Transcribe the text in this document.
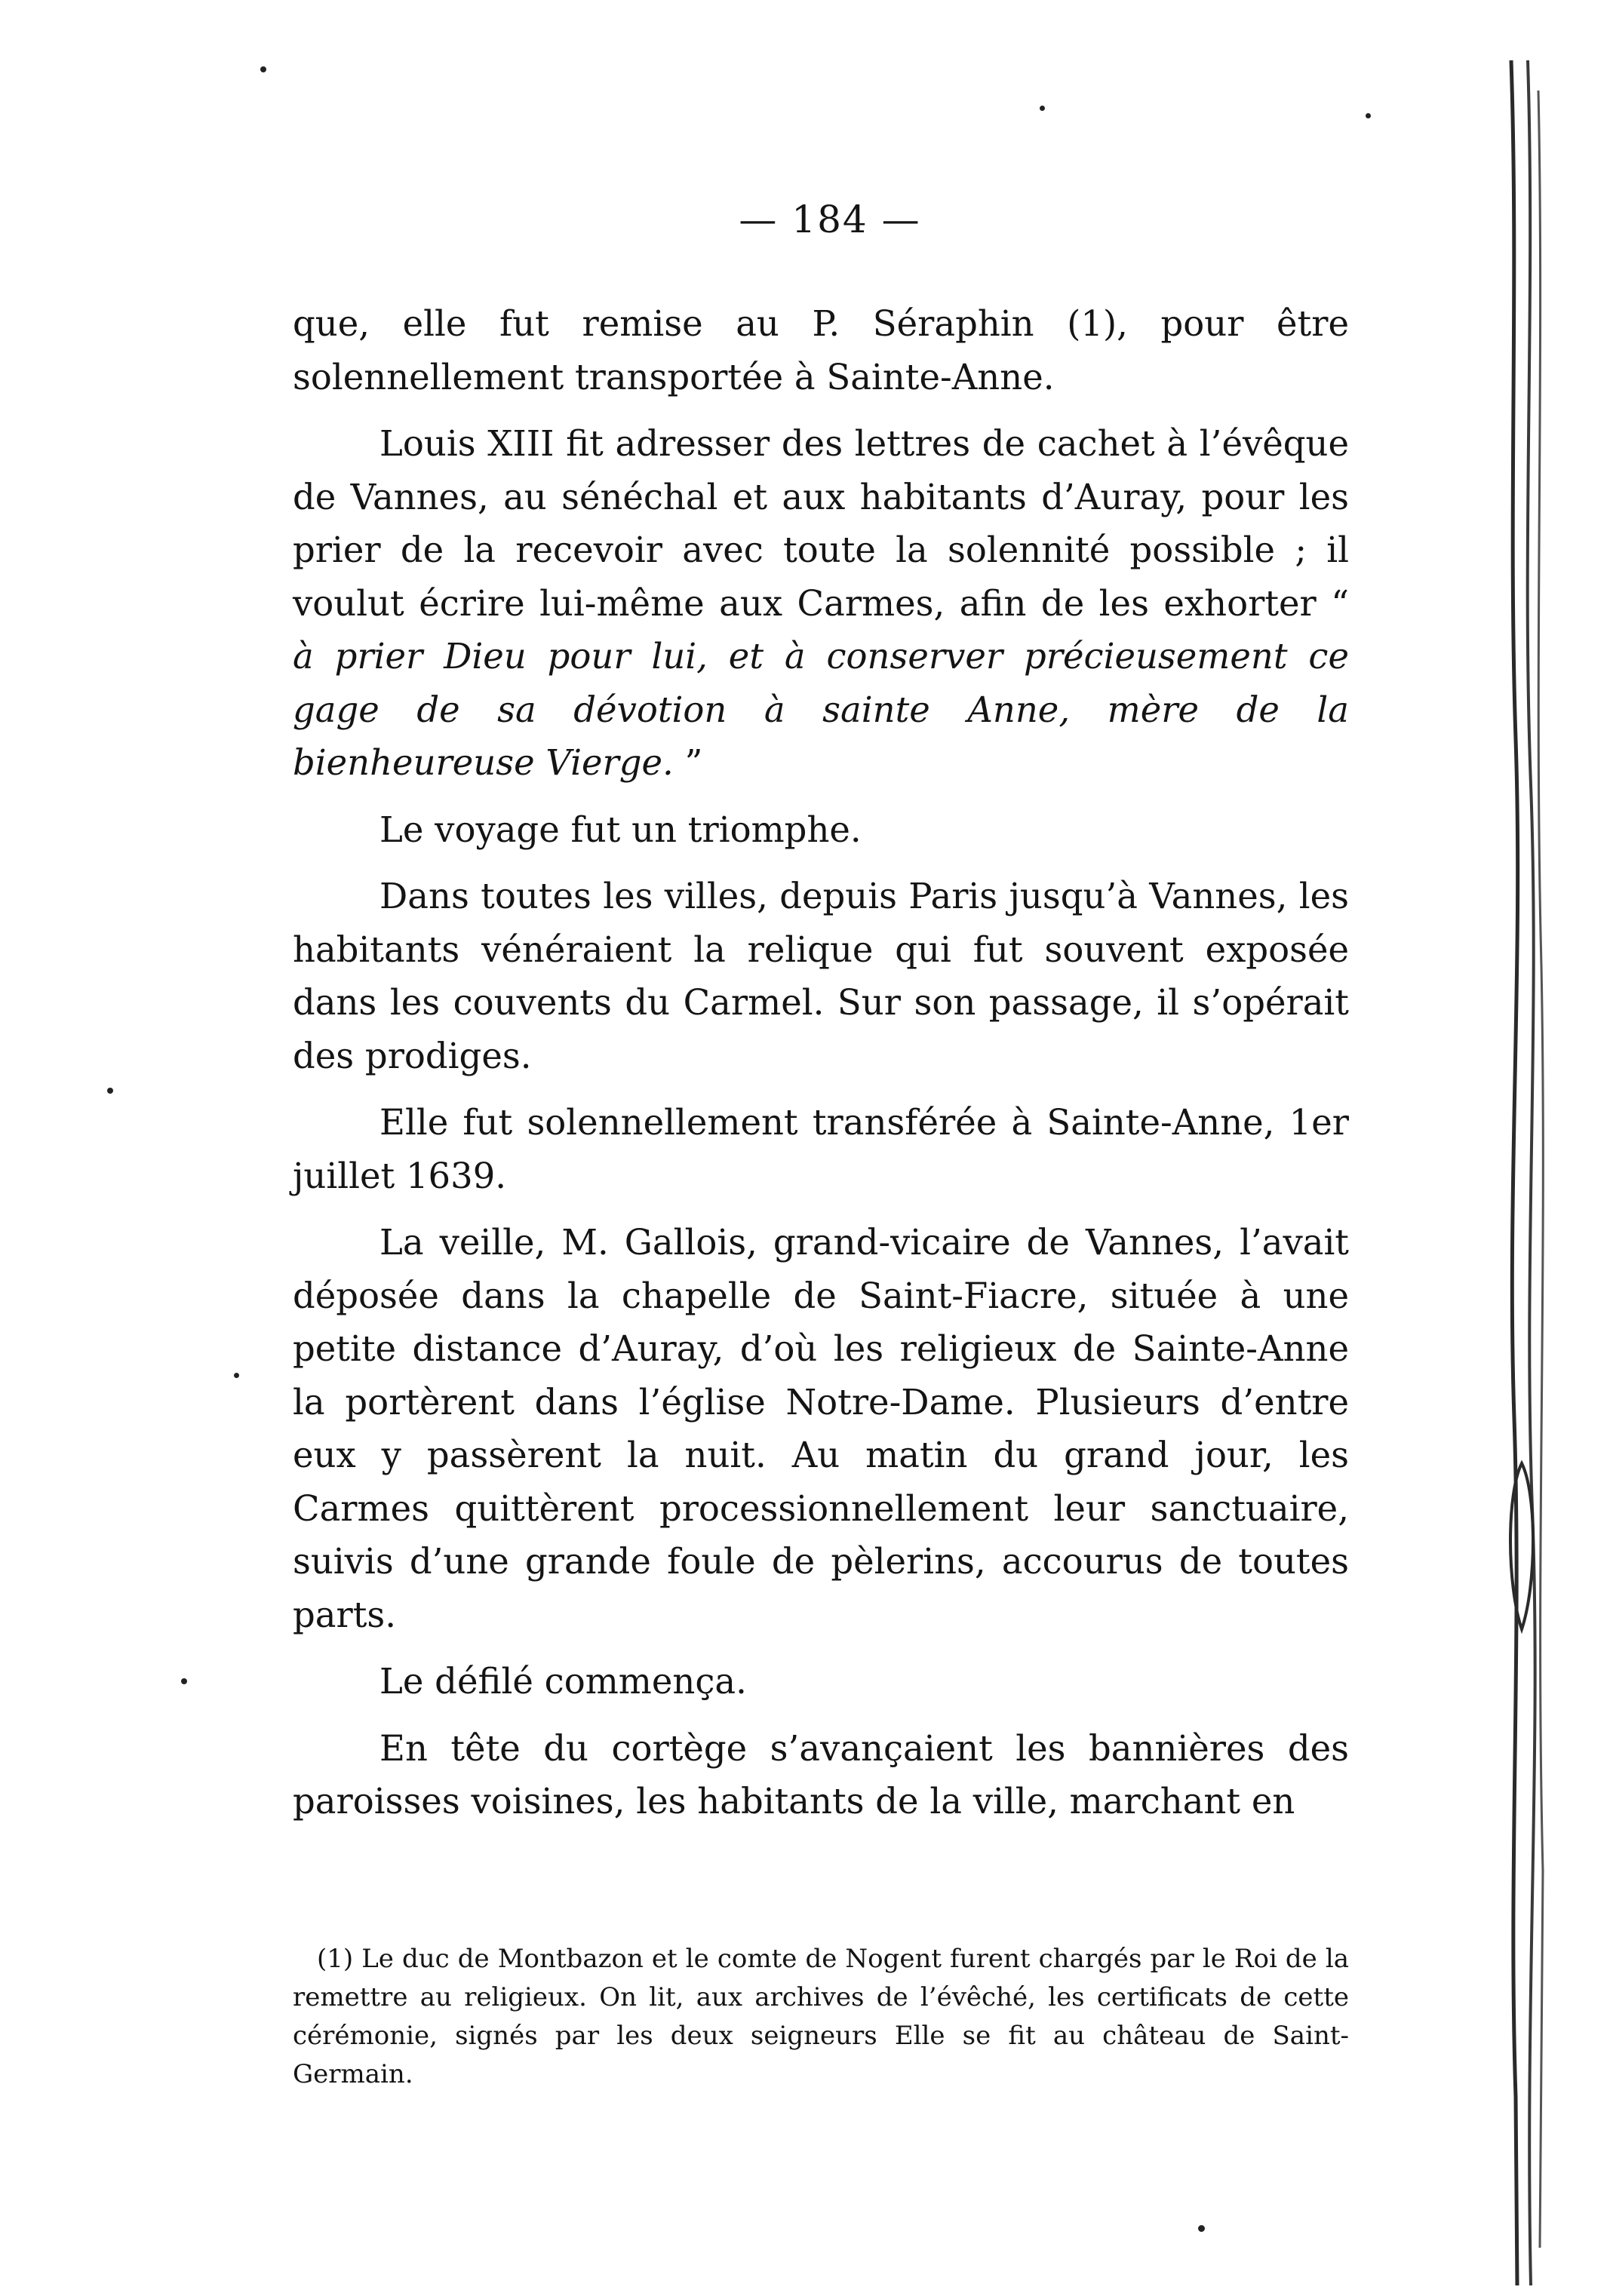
— 184 —

que, elle fut remise au P. Séraphin (1), pour être solennellement transportée à Sainte-Anne.

Louis XIII fit adresser des lettres de cachet à l’évêque de Vannes, au sénéchal et aux habitants d’Auray, pour les prier de la recevoir avec toute la solennité possible ; il voulut écrire lui-même aux Carmes, afin de les exhorter “ à prier Dieu pour lui, et à conserver précieusement ce gage de sa dévotion à sainte Anne, mère de la bienheureuse Vierge. ”

Le voyage fut un triomphe.

Dans toutes les villes, depuis Paris jusqu’à Vannes, les habitants vénéraient la relique qui fut souvent exposée dans les couvents du Carmel. Sur son passage, il s’opérait des prodiges.

Elle fut solennellement transférée à Sainte-Anne, 1er juillet 1639.

La veille, M. Gallois, grand-vicaire de Vannes, l’avait déposée dans la chapelle de Saint-Fiacre, située à une petite distance d’Auray, d’où les religieux de Sainte-Anne la portèrent dans l’église Notre-Dame. Plusieurs d’entre eux y passèrent la nuit. Au matin du grand jour, les Carmes quittèrent processionnellement leur sanctuaire, suivis d’une grande foule de pèlerins, accourus de toutes parts.

Le défilé commença.

En tête du cortège s’avançaient les bannières des paroisses voisines, les habitants de la ville, marchant en

(1) Le duc de Montbazon et le comte de Nogent furent chargés par le Roi de la remettre au religieux. On lit, aux archives de l’évêché, les certificats de cette cérémonie, signés par les deux seigneurs Elle se fit au château de Saint-Germain.
